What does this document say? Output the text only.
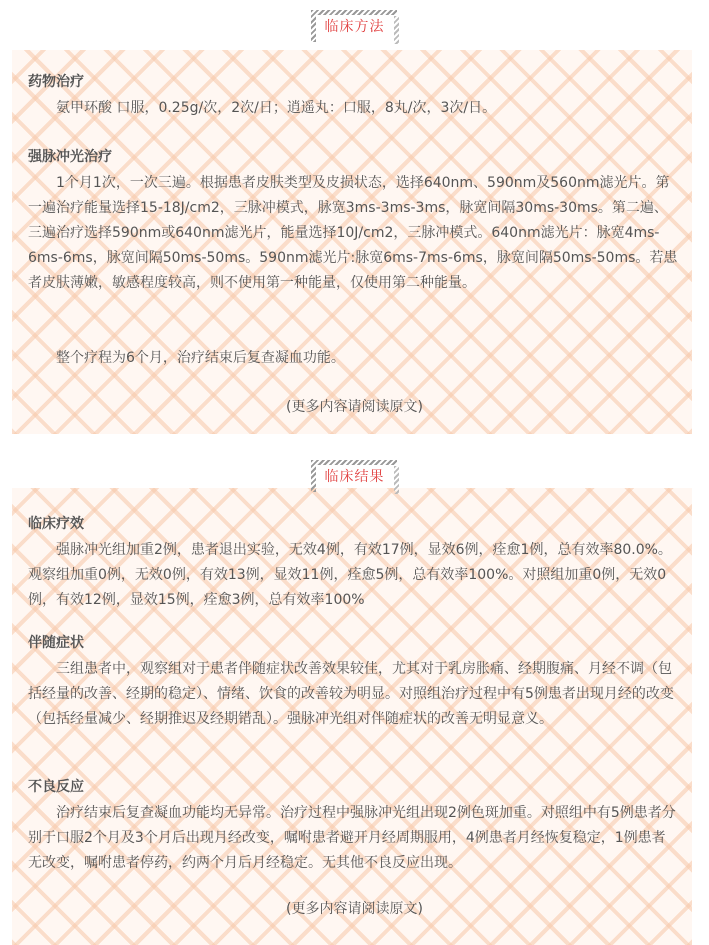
临床方法
药物治疗

氨甲环酸 口服，0.25g/次，2次/日；逍遥丸：口服，8丸/次，3次/日。

强脉冲光治疗

1个月1次，一次三遍。根据患者皮肤类型及皮损状态，选择640nm、590nm及560nm滤光片。第一遍治疗能量选择15-18J/cm2，三脉冲模式，脉宽3ms-3ms-3ms，脉宽间隔30ms-30ms。第二遍、三遍治疗选择590nm或640nm滤光片，能量选择10J/cm2，三脉冲模式。640nm滤光片：脉宽4ms-6ms-6ms，脉宽间隔50ms-50ms。590nm滤光片:脉宽6ms-7ms-6ms，脉宽间隔50ms-50ms。若患者皮肤薄嫩，敏感程度较高，则不使用第一种能量，仅使用第二种能量。

整个疗程为6个月，治疗结束后复查凝血功能。

(更多内容请阅读原文)
临床结果
临床疗效

强脉冲光组加重2例，患者退出实验，无效4例，有效17例，显效6例，痊愈1例，总有效率80.0%。观察组加重0例，无效0例，有效13例，显效11例，痊愈5例，总有效率100%。对照组加重0例，无效0例，有效12例，显效15例，痊愈3例，总有效率100%

伴随症状

三组患者中，观察组对于患者伴随症状改善效果较佳，尤其对于乳房胀痛、经期腹痛、月经不调（包括经量的改善、经期的稳定）、情绪、饮食的改善较为明显。对照组治疗过程中有5例患者出现月经的改变（包括经量减少、经期推迟及经期错乱）。强脉冲光组对伴随症状的改善无明显意义。

不良反应

治疗结束后复查凝血功能均无异常。治疗过程中强脉冲光组出现2例色斑加重。对照组中有5例患者分别于口服2个月及3个月后出现月经改变，嘱咐患者避开月经周期服用，4例患者月经恢复稳定，1例患者无改变，嘱咐患者停药，约两个月后月经稳定。无其他不良反应出现。

(更多内容请阅读原文)
